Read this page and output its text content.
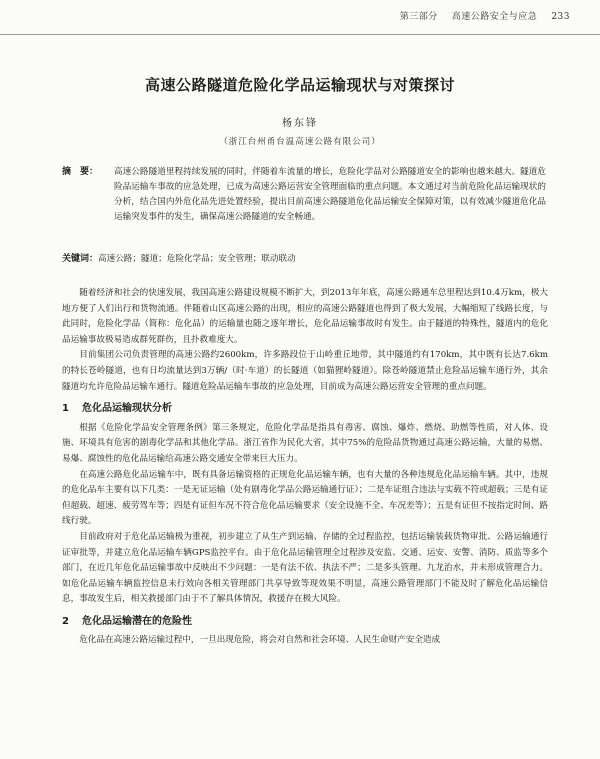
第三部分 高速公路安全与应急 233
高速公路隧道危险化学品运输现状与对策探讨
杨东锋
（浙江台州甬台温高速公路有限公司）
摘　要： 高速公路隧道里程持续发展的同时，伴随着车流量的增长，危险化学品对公路隧道安全的影响也越来越大。隧道危险品运输车事故的应急处理，已成为高速公路运营安全管理面临的重点问题。本文通过对当前危险化品运输现状的分析，结合国内外危化品先进处置经验，提出目前高速公路隧道危化品运输安全保障对策，以有效减少隧道危化品运输突发事件的发生，确保高速公路隧道的安全畅通。
关键词：高速公路；隧道；危险化学品；安全管理；联动联动

随着经济和社会的快速发展，我国高速公路建设规模不断扩大，到2013年年底，高速公路通车总里程达到10.4万km，极大地方便了人们出行和货物流通。伴随着山区高速公路的出现，相应的高速公路隧道也得到了极大发展，大幅缩短了线路长度，与此同时，危险化学品（简称：危化品）的运输量也随之逐年增长，危化品运输事故时有发生。由于隧道的特殊性，隧道内的危化品运输事故极易造成群死群伤，且扑救难度大。

目前集团公司负责管理的高速公路约2600km，许多路段位于山岭重丘地带，其中隧道约有170km，其中既有长达7.6km的特长苍岭隧道，也有日均流量达到3万辆/（时·车道）的长隧道（如猫狸岭隧道）。除苍岭隧道禁止危险品运输车通行外，其余隧道均允许危险品运输车通行。隧道危险品运输车事故的应急处理，目前成为高速公路运营安全管理的重点问题。

1 危化品运输现状分析

根据《危险化学品安全管理条例》第三条规定，危险化学品是指具有毒害、腐蚀、爆炸、燃烧、助燃等性质，对人体、设施、环境具有危害的剧毒化学品和其他化学品。浙江省作为民化大省，其中75%的危险品货物通过高速公路运输，大量的易燃、易爆、腐蚀性的危化品运输给高速公路交通安全带来巨大压力。

在高速公路危化品运输车中，既有具备运输资格的正规危化品运输车辆，也有大量的各种违规危化品运输车辆。其中，违规的危化品车主要有以下几类：一是无证运输（处有剧毒化学品公路运输通行证）；二是车证组合违法与实载不符或超载；三是有证但超载、超速、疲劳驾车等；四是有证但车况不符合危化品运输要求（安全设施不全、车况差等）；五是有证但不按指定时间、路线行驶。

目前政府对于危化品运输极为重视，初步建立了从生产到运输、存储的全过程监控，包括运输装载货物审批、公路运输通行证审批等，并建立危化品运输车辆GPS监控平台。由于危化品运输管理全过程涉及安监、交通、运安、安警、消防、质监等多个部门，在近几年危化品运输事故中反映出不少问题：一是有法不依、执法不严；二是多头管理、九龙治水，并未形成管理合力。如危化品运输车辆监控信息未行效向各相关管理部门共享导致等现效果不明显，高速公路管理部门不能及时了解危化品运输信息，事故发生后，相关救援部门由于不了解具体情况，救援存在极大风险。

2 危化品运输潜在的危险性

危化品在高速公路运输过程中，一旦出现危险，将会对自然和社会环境、人民生命财产安全造成
